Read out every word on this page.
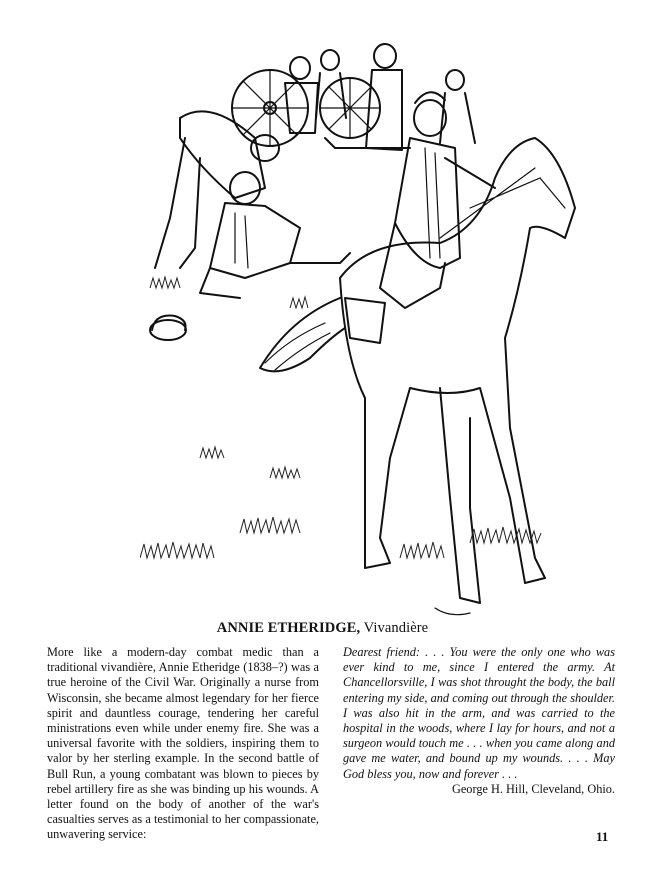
ANNIE ETHERIDGE, Vivandière
More like a modern-day combat medic than a traditional vivandière, Annie Etheridge (1838–?) was a true heroine of the Civil War. Originally a nurse from Wisconsin, she became almost legendary for her fierce spirit and dauntless courage, tendering her careful ministrations even while under enemy fire. She was a universal favorite with the soldiers, inspiring them to valor by her sterling example. In the second battle of Bull Run, a young combatant was blown to pieces by rebel artillery fire as she was binding up his wounds. A letter found on the body of another of the war's casualties serves as a testimonial to her compassionate, unwavering service:
Dearest friend: . . . You were the only one who was ever kind to me, since I entered the army. At Chancellorsville, I was shot throught the body, the ball entering my side, and coming out through the shoulder. I was also hit in the arm, and was carried to the hospital in the woods, where I lay for hours, and not a surgeon would touch me . . . when you came along and gave me water, and bound up my wounds. . . . May God bless you, now and forever . . .
George H. Hill, Cleveland, Ohio.
11
